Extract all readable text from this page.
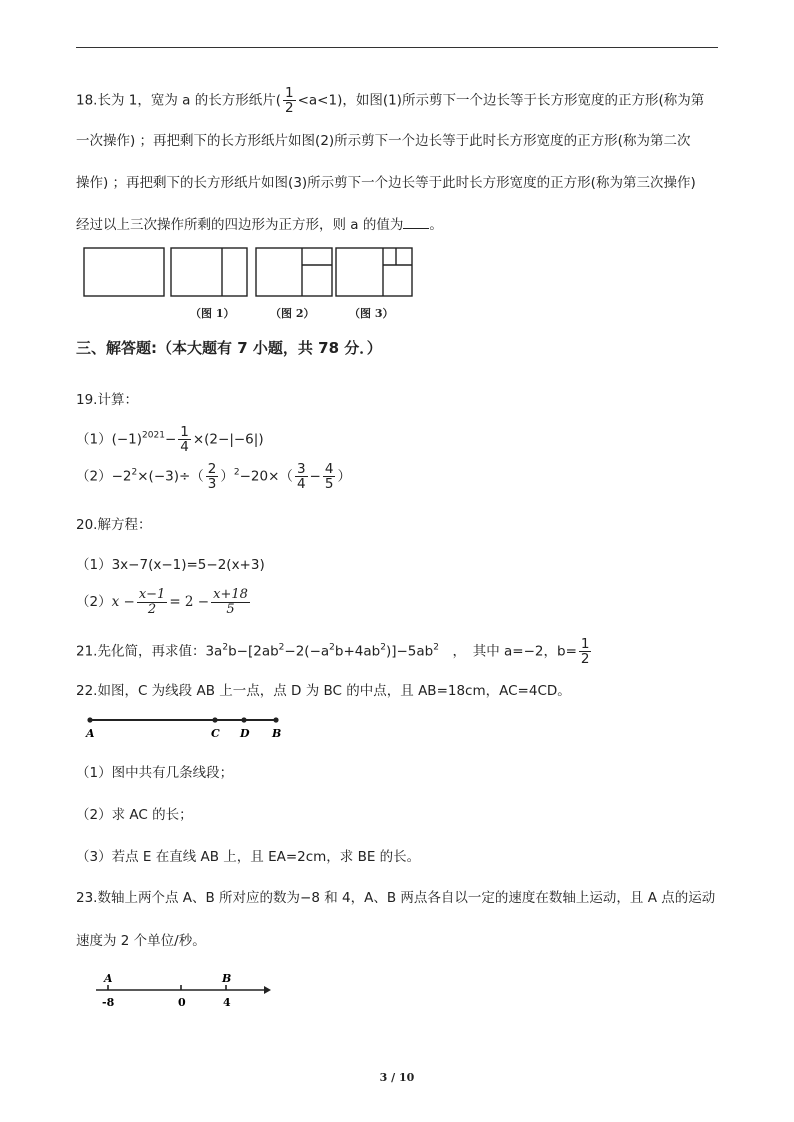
18.长为 1，宽为 a 的长方形纸片( $\frac{1}{2} <a<1$)，如图(1)所示剪下一个边长等于长方形宽度的正方形(称为第
一次操作) ；再把剩下的长方形纸片如图(2)所示剪下一个边长等于此时长方形宽度的正方形(称为第二次
操作) ；再把剩下的长方形纸片如图(3)所示剪下一个边长等于此时长方形宽度的正方形(称为第三次操作)
经过以上三次操作所剩的四边形为正方形，则 a 的值为 。
（图 1）	（图 2）	（图 3）
三、解答题:（本大题有 7 小题，共 78 分．）
19.计算：
$(1)(-1)^{2021}- \frac{1}{4} \times(2-|-6|)$
$(2)-2^2\times(-3)\div( \frac{2}{3} )^2-20\times( \frac{3}{4} - \frac{4}{5}$ ）
20.解方程：
（1）3x−7(x−1)=5−2(x+3)
$(2)x - \frac{x-1}{2} = 2 - \frac{x+18}{5}$
21.先化简，再求值：$3a^2b-[2ab^2-2(-a^2b+4ab^2)]-5ab^2$　，　其中 a=−2，$b= \frac{1}{2}$
22.如图，C 为线段 AB 上一点，点 D 为 BC 的中点，且 AB=18cm，AC=4CD。
A	C D B
（1）图中共有几条线段；
（2）求 AC 的长；
（3）若点 E 在直线 AB 上，且 EA=2cm，求 BE 的长。
23.数轴上两个点 A、B 所对应的数为−8 和 4，A、B 两点各自以一定的速度在数轴上运动，且 A 点的运动
速度为 2 个单位/秒。
A	B
-8	0	4
3 / 10
